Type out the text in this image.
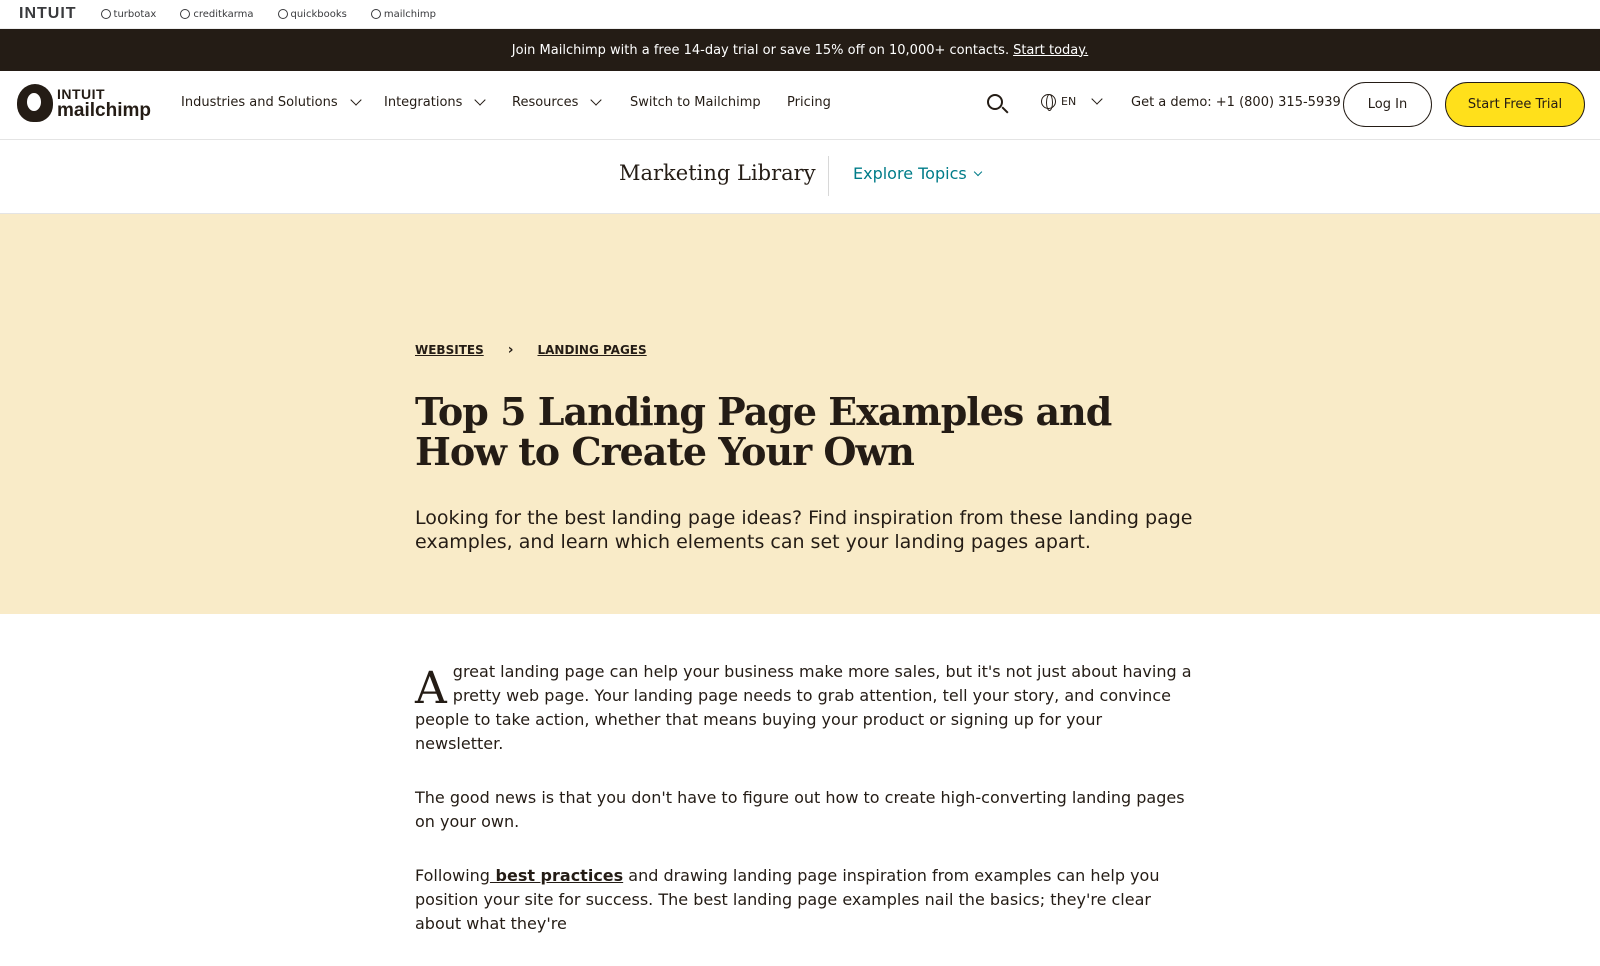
INTUIT	turbotax	creditkarma	quickbooks	mailchimp
Join Mailchimp with a free 14-day trial or save 15% off on 10,000+ contacts. Start today.
INTUIT
mailchimp Industries and Solutions	Integrations	Resources	Switch to Mailchimp Pricing	EN	Get a demo: +1 (800) 315-5939	Log In	Start Free Trial
Marketing Library Explore Topics
WEBSITES › LANDING PAGES
Top 5 Landing Page Examples and How to Create Your Own

Looking for the best landing page ideas? Find inspiration from these landing page examples, and learn which elements can set your landing pages apart.

Agreat landing page can help your business make more sales, but it's not just about having a pretty web page. Your landing page needs to grab attention, tell your story, and convince people to take action, whether that means buying your product or signing up for your newsletter.

The good news is that you don't have to figure out how to create high-converting landing pages on your own.

Following best practices and drawing landing page inspiration from examples can help you position your site for success. The best landing page examples nail the basics; they're clear about what they're
